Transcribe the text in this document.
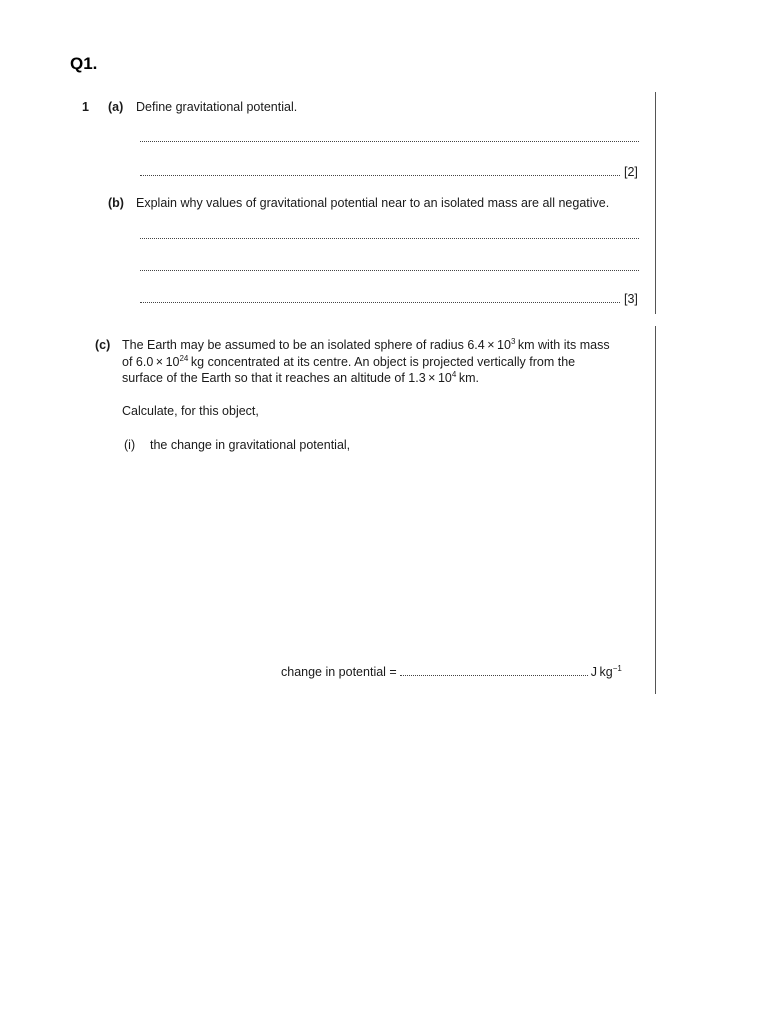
Q1.
1 (a) Define gravitational potential.
[2]
(b) Explain why values of gravitational potential near to an isolated mass are all negative.
[3]
(c) The Earth may be assumed to be an isolated sphere of radius $6.4 \times 10^3$ km with its mass
of $6.0 \times 10^{24}$ kg concentrated at its centre. An object is projected vertically from the
surface of the Earth so that it reaches an altitude of $1.3 \times 10^4$ km.
Calculate, for this object,
(i) the change in gravitational potential,
change in potential =	J $kg^{-1}$
